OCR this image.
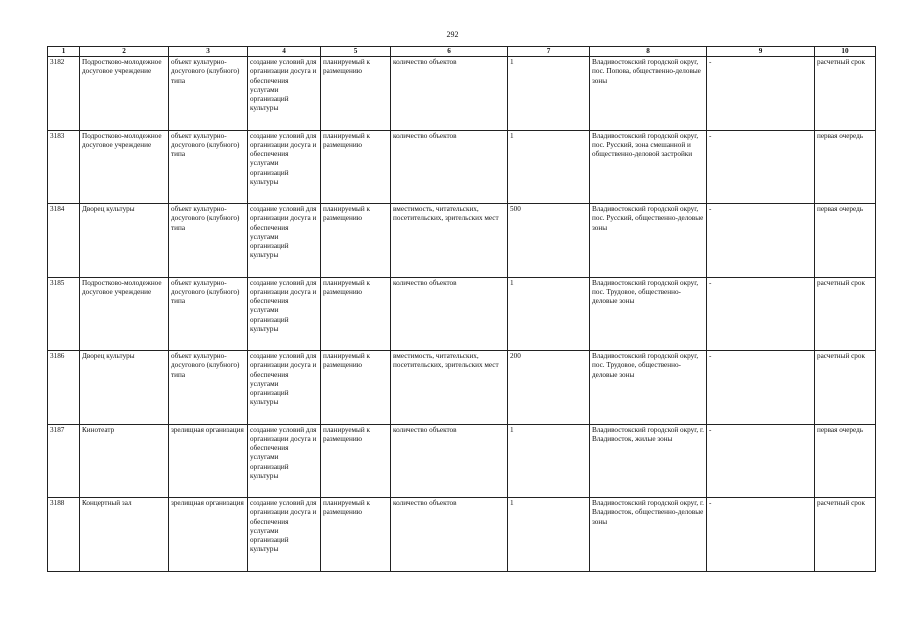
292
1	2	3	4	5	6	7	8	9	10
3182	Подростково-молодежное досуговое учреждение	объект культурно-досугового (клубного) типа	создание условий для организации досуга и обеспечения услугами организаций культуры	планируемый к размещению	количество объектов	1	Владивостокский городской округ, пос. Попова, общественно-деловые зоны	-	расчетный срок
3183	Подростково-молодежное досуговое учреждение	объект культурно-досугового (клубного) типа	создание условий для организации досуга и обеспечения услугами организаций культуры	планируемый к размещению	количество объектов	1	Владивостокский городской округ, пос. Русский, зона смешанной и общественно-деловой застройки	-	первая очередь
3184	Дворец культуры	объект культурно-досугового (клубного) типа	создание условий для организации досуга и обеспечения услугами организаций культуры	планируемый к размещению	вместимость, читательских, посетительских, зрительских мест	500	Владивостокский городской округ, пос. Русский, общественно-деловые зоны	-	первая очередь
3185	Подростково-молодежное досуговое учреждение	объект культурно-досугового (клубного) типа	создание условий для организации досуга и обеспечения услугами организаций культуры	планируемый к размещению	количество объектов	1	Владивостокский городской округ, пос. Трудовое, общественно-деловые зоны	-	расчетный срок
3186	Дворец культуры	объект культурно-досугового (клубного) типа	создание условий для организации досуга и обеспечения услугами организаций культуры	планируемый к размещению	вместимость, читательских, посетительских, зрительских мест	200	Владивостокский городской округ, пос. Трудовое, общественно-деловые зоны	-	расчетный срок
3187	Кинотеатр	зрелищная организация	создание условий для организации досуга и обеспечения услугами организаций культуры	планируемый к размещению	количество объектов	1	Владивостокский городской округ, г. Владивосток, жилые зоны	-	первая очередь
3188	Концертный зал	зрелищная организация	создание условий для организации досуга и обеспечения услугами организаций культуры	планируемый к размещению	количество объектов	1	Владивостокский городской округ, г. Владивосток, общественно-деловые зоны	-	расчетный срок
